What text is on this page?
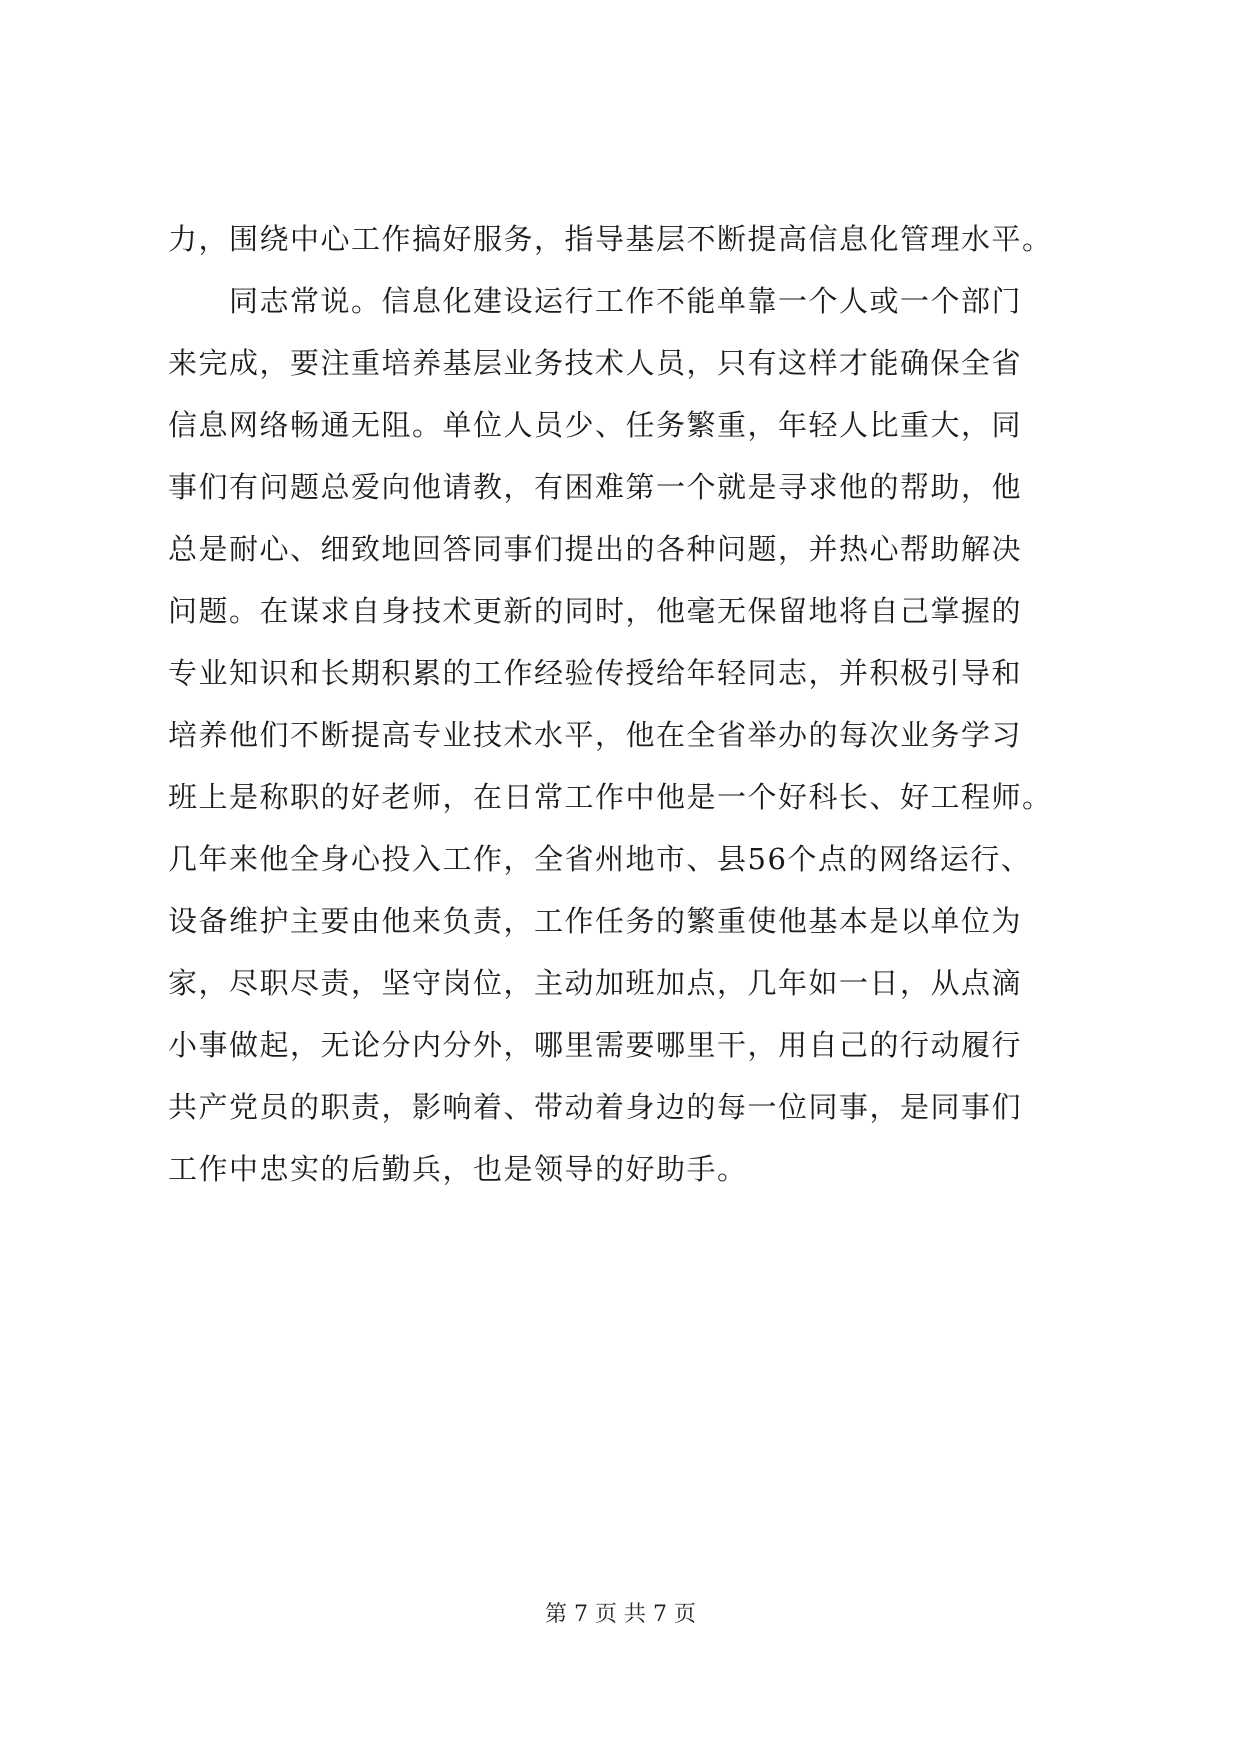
力，围绕中心工作搞好服务，指导基层不断提高信息化管理水平。
　　同志常说。信息化建设运行工作不能单靠一个人或一个部门
来完成，要注重培养基层业务技术人员，只有这样才能确保全省
信息网络畅通无阻。单位人员少、任务繁重，年轻人比重大，同
事们有问题总爱向他请教，有困难第一个就是寻求他的帮助，他
总是耐心、细致地回答同事们提出的各种问题，并热心帮助解决
问题。在谋求自身技术更新的同时，他毫无保留地将自己掌握的
专业知识和长期积累的工作经验传授给年轻同志，并积极引导和
培养他们不断提高专业技术水平，他在全省举办的每次业务学习
班上是称职的好老师，在日常工作中他是一个好科长、好工程师。
几年来他全身心投入工作，全省州地市、县56个点的网络运行、
设备维护主要由他来负责，工作任务的繁重使他基本是以单位为
家，尽职尽责，坚守岗位，主动加班加点，几年如一日，从点滴
小事做起，无论分内分外，哪里需要哪里干，用自己的行动履行
共产党员的职责，影响着、带动着身边的每一位同事，是同事们
工作中忠实的后勤兵，也是领导的好助手。
第 7 页 共 7 页
